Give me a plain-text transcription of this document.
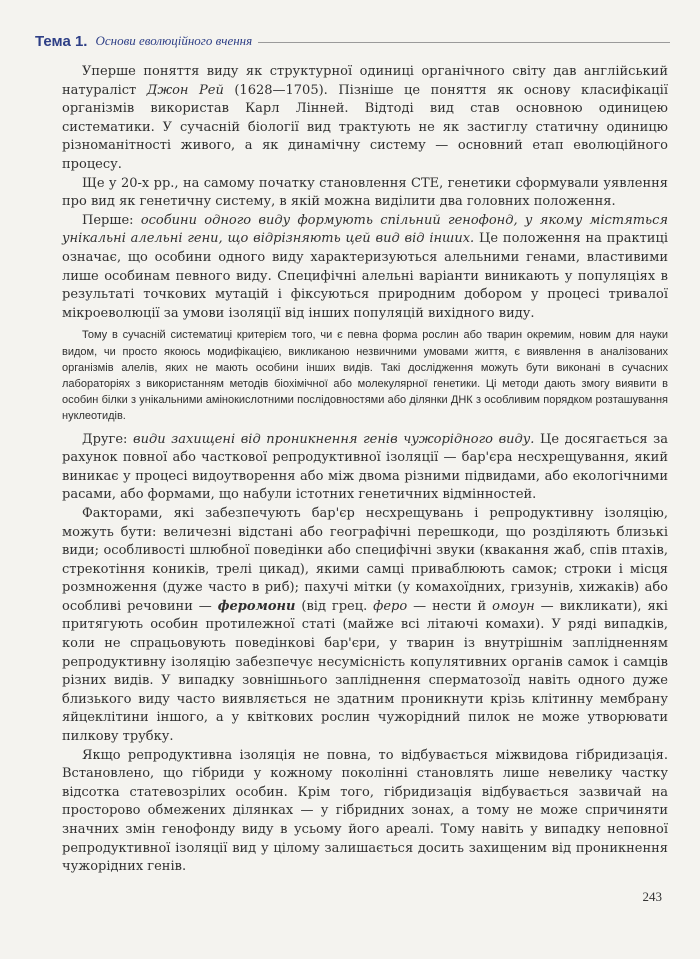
Тема 1. Основи еволюційного вчення

Уперше поняття виду як структурної одиниці органічного світу дав англійський натураліст Джон Рей (1628—1705). Пізніше це поняття як основу класифікації організмів використав Карл Лінней. Відтоді вид став основною одиницею систематики. У сучасній біології вид трактують не як застиглу статичну одиницю різноманітності живого, а як динамічну систему — основний етап еволюційного процесу.

Ще у 20-х рр., на самому початку становлення СТЕ, генетики сформували уявлення про вид як генетичну систему, в якій можна виділити два головних положення.

Перше: особини одного виду формують спільний генофонд, у якому містяться унікальні алельні гени, що відрізняють цей вид від інших. Це положення на практиці означає, що особини одного виду характеризуються алельними генами, властивими лише особинам певного виду. Специфічні алельні варіанти виникають у популяціях в результаті точкових мутацій і фіксуються природним добором у процесі тривалої мікроеволюції за умови ізоляції від інших популяцій вихідного виду.

Тому в сучасній систематиці критерієм того, чи є певна форма рослин або тварин окремим, новим для науки видом, чи просто якоюсь модифікацією, викликаною незвичними умовами життя, є виявлення в аналізованих організмів алелів, яких не мають особини інших видів. Такі дослідження можуть бути виконані в сучасних лабораторіях з використанням методів біохімічної або молекулярної генетики. Ці методи дають змогу виявити в особин білки з унікальними амінокислотними послідовностями або ділянки ДНК з особливим порядком розташування нуклеотидів.

Друге: види захищені від проникнення генів чужорідного виду. Це досягається за рахунок повної або часткової репродуктивної ізоляції — бар'єра несхрещування, який виникає у процесі видоутворення або між двома різними підвидами, або екологічними расами, або формами, що набули істотних генетичних відмінностей.

Факторами, які забезпечують бар'єр несхрещувань і репродуктивну ізоляцію, можуть бути: величезні відстані або географічні перешкоди, що розділяють близькі види; особливості шлюбної поведінки або специфічні звуки (квакання жаб, спів птахів, стрекотіння коників, трелі цикад), якими самці приваблюють самок; строки і місця розмноження (дуже часто в риб); пахучі мітки (у комахоїдних, гризунів, хижаків) або особливі речовини — феромони (від грец. феро — нести й омоун — викликати), які притягують особин протилежної статі (майже всі літаючі комахи). У ряді випадків, коли не спрацьовують поведінкові бар'єри, у тварин із внутрішнім заплідненням репродуктивну ізоляцію забезпечує несумісність копулятивних органів самок і самців різних видів. У випадку зовнішнього запліднення сперматозоїд навіть одного дуже близького виду часто виявляється не здатним проникнути крізь клітинну мембрану яйцеклітини іншого, а у квіткових рослин чужорідний пилок не може утворювати пилкову трубку.

Якщо репродуктивна ізоляція не повна, то відбувається міжвидова гібридизація. Встановлено, що гібриди у кожному поколінні становлять лише невелику частку відсотка статевозрілих особин. Крім того, гібридизація відбувається зазвичай на просторово обмежених ділянках — у гібридних зонах, а тому не може спричиняти значних змін генофонду виду в усьому його ареалі. Тому навіть у випадку неповної репродуктивної ізоляції вид у цілому залишається досить захищеним від проникнення чужорідних генів.

243
